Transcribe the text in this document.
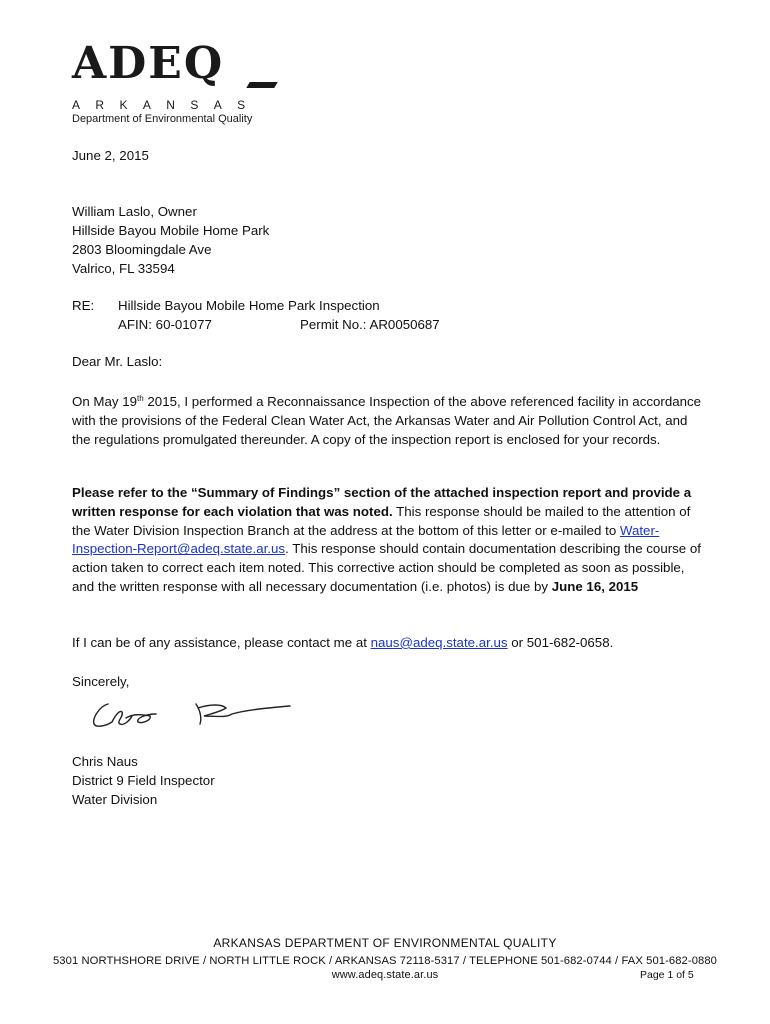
ADEQ
ARKANSAS
Department of Environmental Quality
June 2, 2015
William Laslo, Owner
Hillside Bayou Mobile Home Park
2803 Bloomingdale Ave
Valrico, FL 33594
RE: Hillside Bayou Mobile Home Park Inspection
AFIN: 60-01077	Permit No.: AR0050687
Dear Mr. Laslo:

On May 19th 2015, I performed a Reconnaissance Inspection of the above referenced facility in accordance with the provisions of the Federal Clean Water Act, the Arkansas Water and Air Pollution Control Act, and the regulations promulgated thereunder. A copy of the inspection report is enclosed for your records.

Please refer to the “Summary of Findings” section of the attached inspection report and provide a written response for each violation that was noted. This response should be mailed to the attention of the Water Division Inspection Branch at the address at the bottom of this letter or e-mailed to Water-Inspection-Report@adeq.state.ar.us. This response should contain documentation describing the course of action taken to correct each item noted. This corrective action should be completed as soon as possible, and the written response with all necessary documentation (i.e. photos) is due by June 16, 2015

If I can be of any assistance, please contact me at naus@adeq.state.ar.us or 501-682-0658.

Sincerely,
Chris Naus
District 9 Field Inspector
Water Division
ARKANSAS DEPARTMENT OF ENVIRONMENTAL QUALITY
5301 NORTHSHORE DRIVE / NORTH LITTLE ROCK / ARKANSAS 72118-5317 / TELEPHONE 501-682-0744 / FAX 501-682-0880
www.adeq.state.ar.us	Page 1 of 5
